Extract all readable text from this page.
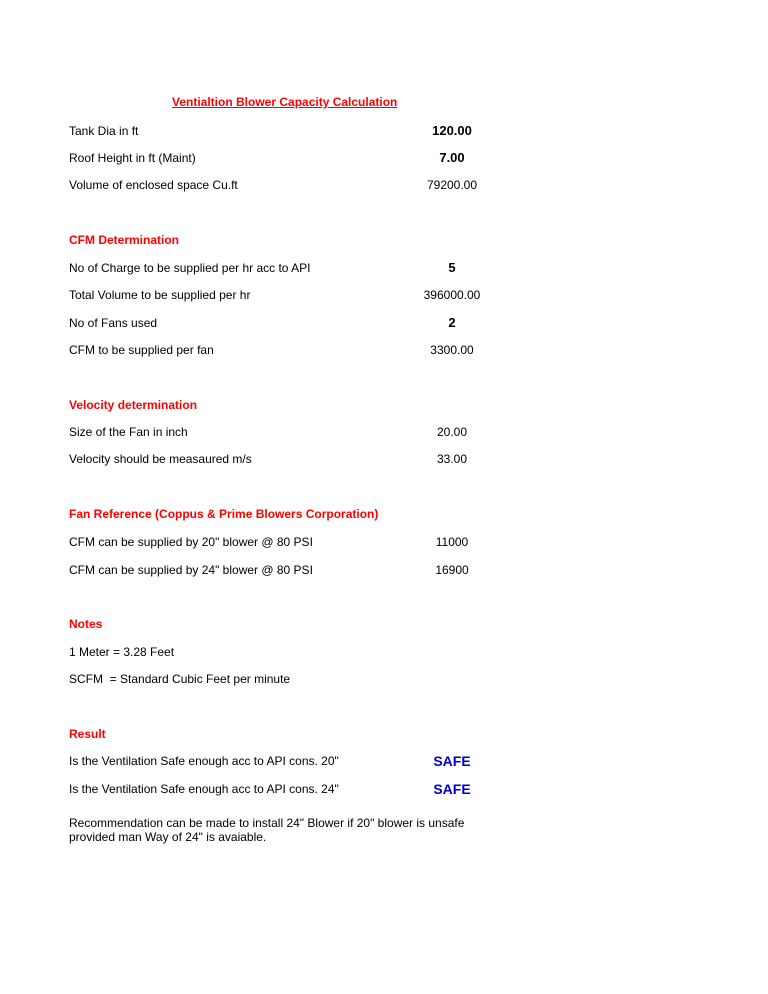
Ventialtion Blower Capacity Calculation
Tank Dia in ft	120.00
Roof Height in ft (Maint)	7.00
Volume of enclosed space Cu.ft	79200.00
CFM Determination
No of Charge to be supplied per hr acc to API	5
Total Volume to be supplied per hr	396000.00
No of Fans used	2
CFM to be supplied per fan	3300.00
Velocity determination
Size of the Fan in inch	20.00
Velocity should be measaured m/s	33.00
Fan Reference (Coppus & Prime Blowers Corporation)
CFM can be supplied by 20" blower @ 80 PSI	11000
CFM can be supplied by 24" blower @ 80 PSI	16900
Notes
1 Meter = 3.28 Feet
SCFM  = Standard Cubic Feet per minute
Result
Is the Ventilation Safe enough acc to API cons. 20"	SAFE
Is the Ventilation Safe enough acc to API cons. 24"	SAFE
Recommendation can be made to install 24" Blower if 20" blower is unsafe provided man Way of 24" is avaiable.
